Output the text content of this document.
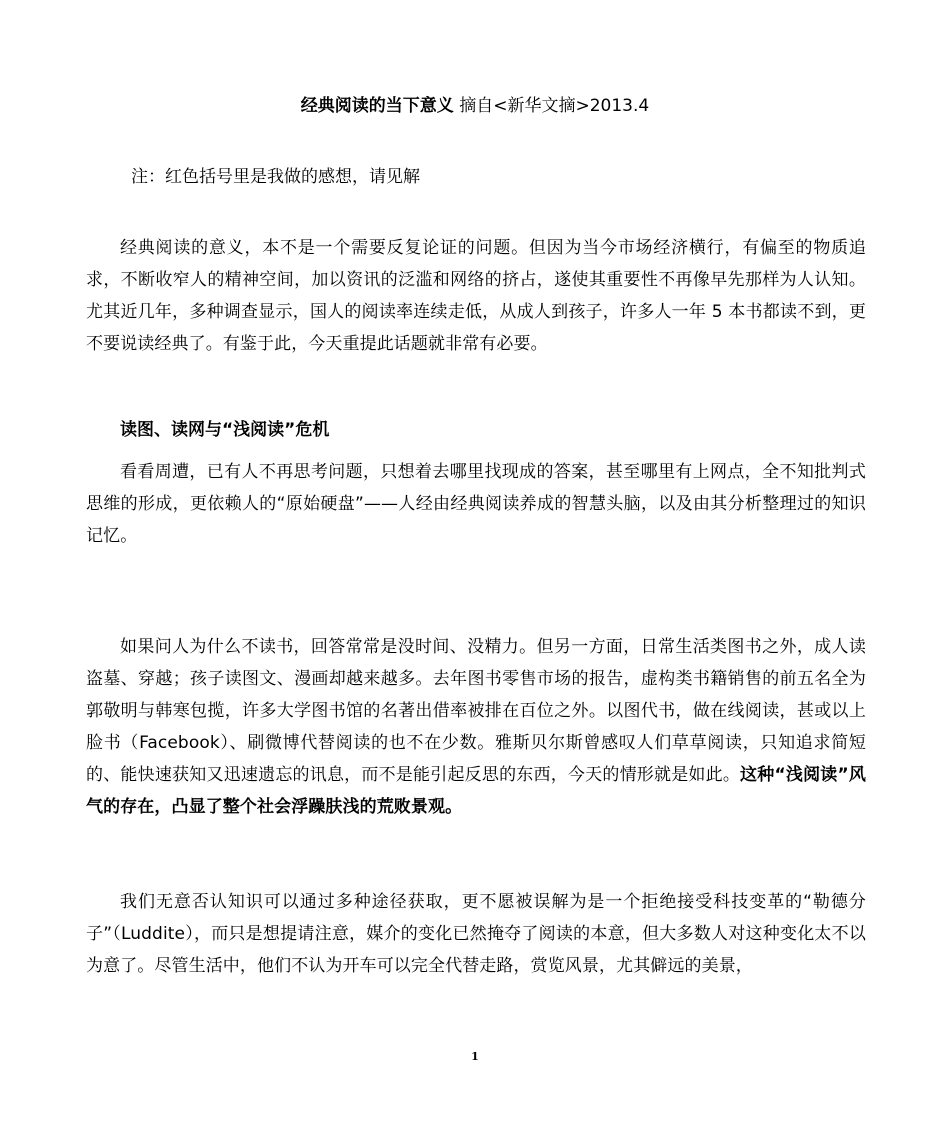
经典阅读的当下意义 摘自<新华文摘>2013.4

注：红色括号里是我做的感想，请见解

经典阅读的意义，本不是一个需要反复论证的问题。但因为当今市场经济横行，有偏至的物质追求，不断收窄人的精神空间，加以资讯的泛滥和网络的挤占，遂使其重要性不再像早先那样为人认知。尤其近几年，多种调查显示，国人的阅读率连续走低，从成人到孩子，许多人一年 5 本书都读不到，更不要说读经典了。有鉴于此，今天重提此话题就非常有必要。

读图、读网与“浅阅读”危机

看看周遭，已有人不再思考问题，只想着去哪里找现成的答案，甚至哪里有上网点，全不知批判式思维的形成，更依赖人的“原始硬盘”——人经由经典阅读养成的智慧头脑，以及由其分析整理过的知识记忆。

如果问人为什么不读书，回答常常是没时间、没精力。但另一方面，日常生活类图书之外，成人读盗墓、穿越；孩子读图文、漫画却越来越多。去年图书零售市场的报告，虚构类书籍销售的前五名全为郭敬明与韩寒包揽，许多大学图书馆的名著出借率被排在百位之外。以图代书，做在线阅读，甚或以上脸书（Facebook）、刷微博代替阅读的也不在少数。雅斯贝尔斯曾感叹人们草草阅读，只知追求简短的、能快速获知又迅速遗忘的讯息，而不是能引起反思的东西，今天的情形就是如此。这种“浅阅读”风气的存在，凸显了整个社会浮躁肤浅的荒败景观。

我们无意否认知识可以通过多种途径获取，更不愿被误解为是一个拒绝接受科技变革的“勒德分子”（Luddite），而只是想提请注意，媒介的变化已然掩夺了阅读的本意，但大多数人对这种变化太不以为意了。尽管生活中，他们不认为开车可以完全代替走路，赏览风景，尤其僻远的美景，

1
